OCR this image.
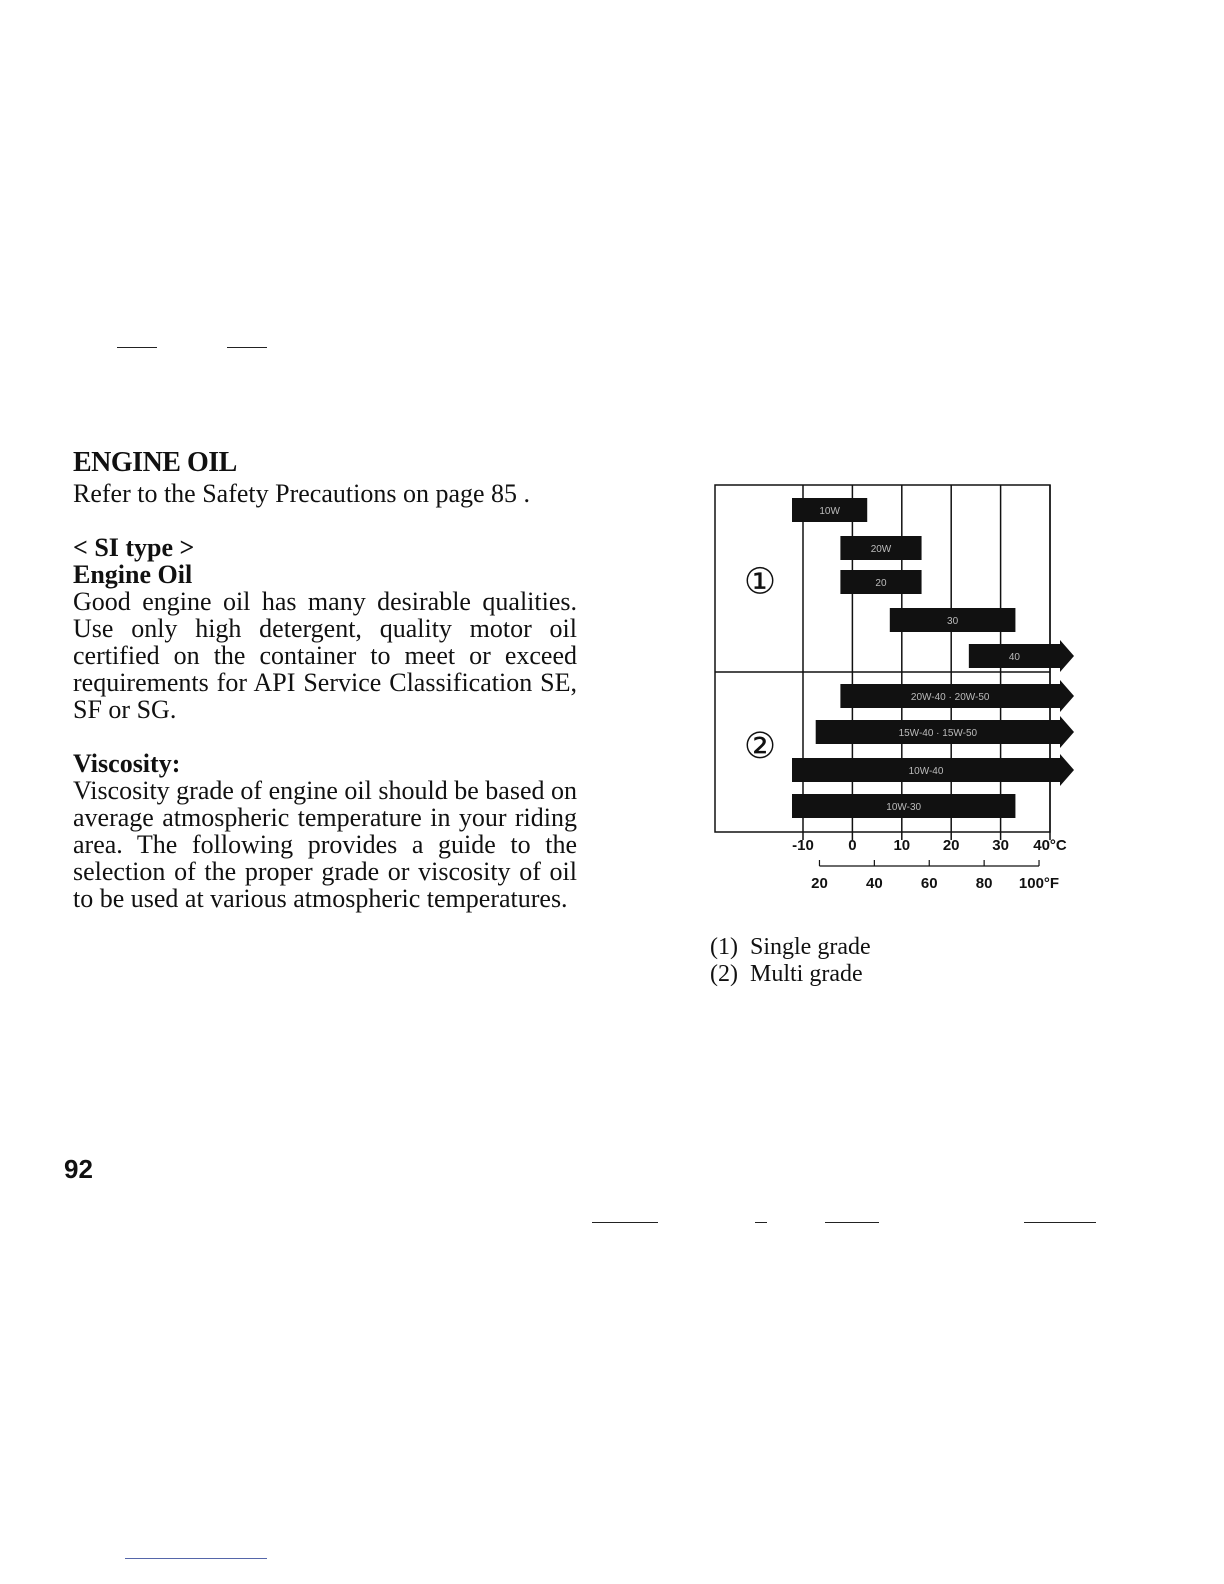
ENGINE OIL
Refer to the Safety Precautions on page 85 .
< SI type >
Engine Oil

Good engine oil has many desirable qualities. Use only high detergent, quality motor oil certified on the container to meet or exceed requirements for API Service Classification SE, SF or SG.

Viscosity:

Viscosity grade of engine oil should be based on average atmospheric temperature in your riding area. The following provides a guide to the selection of the proper grade or viscosity of oil to be used at various atmospheric temperatures.

10W
20W
20
30
40
20W-40 · 20W-50
15W-40 · 15W-50
10W-40
10W-30
①
②
-10 0 10 20 30 40°C
20	40	60	80 100°F
(1) Single grade
(2) Multi grade
92
